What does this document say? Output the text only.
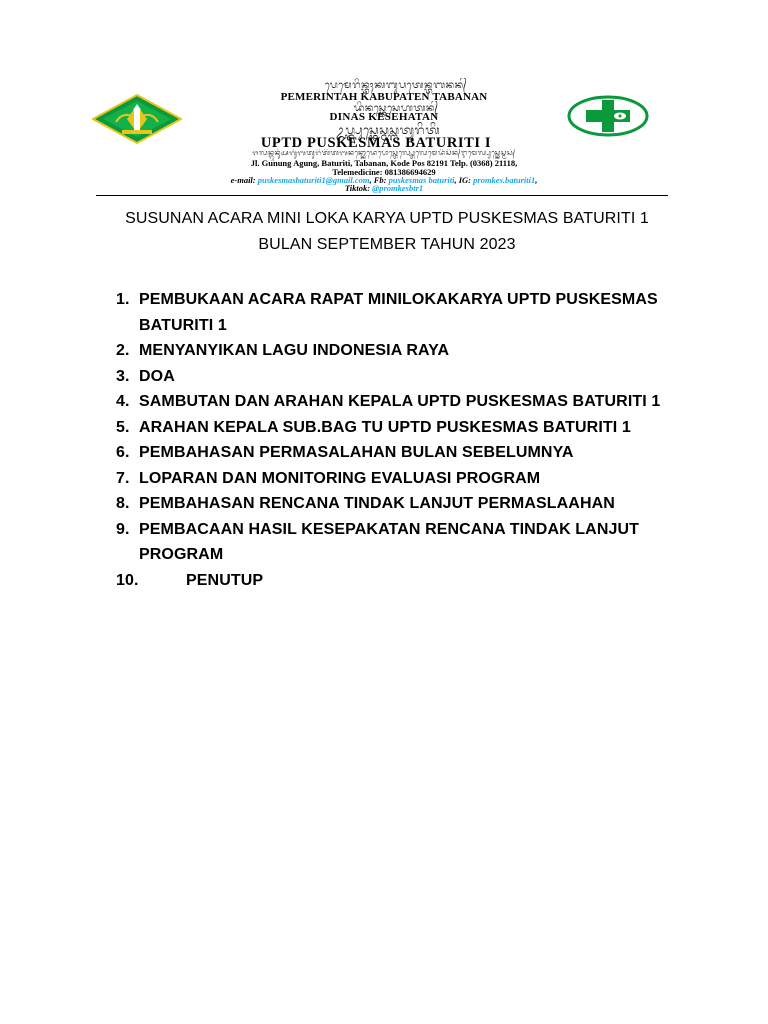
ᬧᬾᬫᬾᬭᬶᬦ᭄ᬢᬄᬓᬩᬸᬧᬢᬾᬦ᭄ᬢᬩᬦᬦ᭄
PEMERINTAH KABUPATEN TABANAN
ᬤᬶᬦᬲ᭄ᬓᬾᬲᬾᬳᬢᬦ᭄
DINAS KESEHATAN
ᬉᬧ᭄ᬢ᭄ᬤ᭄ᬧᬸᬲ᭄ᬓᬾᬲ᭄ᬫᬲ᭄ᬩᬢᬸᬭᬶᬢᬶ
UPTD PUSKESMAS BATURITI I
ᬚᬮᬦ᭄ᬕᬸᬦᬸᬂᬅᬕᬸᬂᬩᬢᬸᬭᬶᬢᬶᬢᬩᬦᬦ᭄ᬓᭀᬤᬾᬧᭀᬲ᭄ᬢᬾᬮ᭄ᬧ᭄ᬢᬾᬮᬾᬫᬾᬤᬶᬲᬶᬦ᭄ᬇᬫᬾᬮ᭄ᬧᬸᬲ᭄ᬓᬾᬲ᭄ᬫᬲ᭄
Jl. Gunung Agung, Baturiti, Tabanan, Kode Pos 82191 Telp. (0368) 21118,
Telemedicine: 081386694629
e-mail: puskesmasbaturiti1@gmail.com, Fb: puskesmas baturiti, IG: promkes.baturiti1,
Tiktok: @promkesbtr1
SUSUNAN ACARA MINI LOKA KARYA UPTD PUSKESMAS BATURITI 1
BULAN SEPTEMBER TAHUN 2023
1. PEMBUKAAN ACARA RAPAT MINILOKAKARYA UPTD PUSKESMAS BATURITI 1
2. MENYANYIKAN LAGU INDONESIA RAYA
3. DOA
4. SAMBUTAN DAN ARAHAN KEPALA UPTD PUSKESMAS BATURITI 1
5. ARAHAN KEPALA SUB.BAG TU UPTD PUSKESMAS BATURITI 1
6. PEMBAHASAN PERMASALAHAN BULAN SEBELUMNYA
7. LOPARAN DAN MONITORING EVALUASI PROGRAM
8. PEMBAHASAN RENCANA TINDAK LANJUT PERMASLAAHAN
9. PEMBACAAN HASIL KESEPAKATAN RENCANA TINDAK LANJUT PROGRAM
10.	PENUTUP
